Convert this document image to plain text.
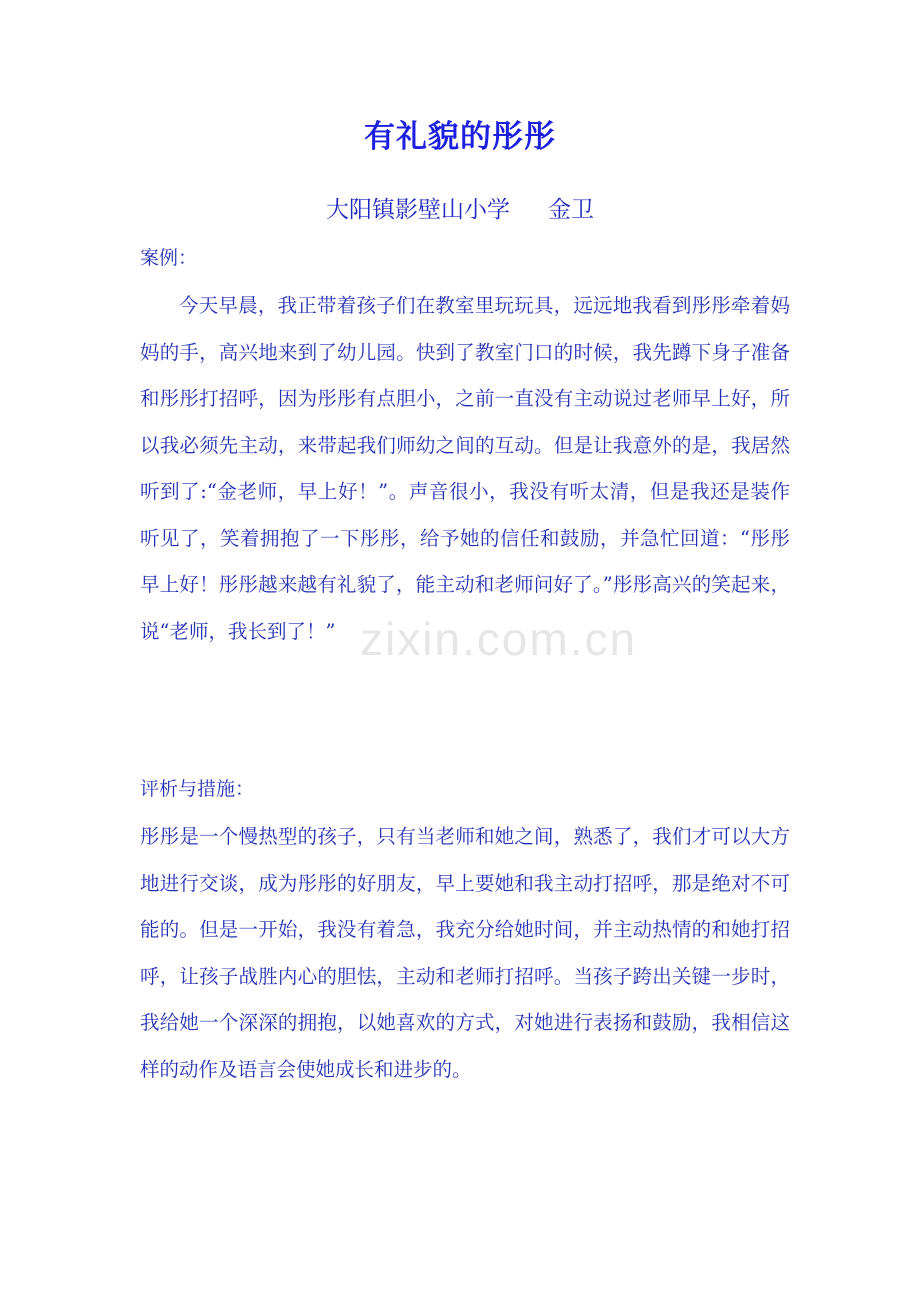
有礼貌的彤彤
大阳镇影壁山小学 金卫
案例：
今天早晨，我正带着孩子们在教室里玩玩具，远远地我看到彤彤牵着妈妈的手，高兴地来到了幼儿园。快到了教室门口的时候，我先蹲下身子准备和彤彤打招呼，因为彤彤有点胆小，之前一直没有主动说过老师早上好，所以我必须先主动，来带起我们师幼之间的互动。但是让我意外的是，我居然听到了:“金老师，早上好！”。声音很小，我没有听太清，但是我还是装作听见了，笑着拥抱了一下彤彤，给予她的信任和鼓励，并急忙回道：“彤彤早上好！彤彤越来越有礼貌了，能主动和老师问好了。”彤彤高兴的笑起来，说“老师，我长到了！” zixin.com.cn
评析与措施：
彤彤是一个慢热型的孩子，只有当老师和她之间，熟悉了，我们才可以大方地进行交谈，成为彤彤的好朋友，早上要她和我主动打招呼，那是绝对不可能的。但是一开始，我没有着急，我充分给她时间，并主动热情的和她打招呼，让孩子战胜内心的胆怯，主动和老师打招呼。当孩子跨出关键一步时，我给她一个深深的拥抱，以她喜欢的方式，对她进行表扬和鼓励，我相信这样的动作及语言会使她成长和进步的。
